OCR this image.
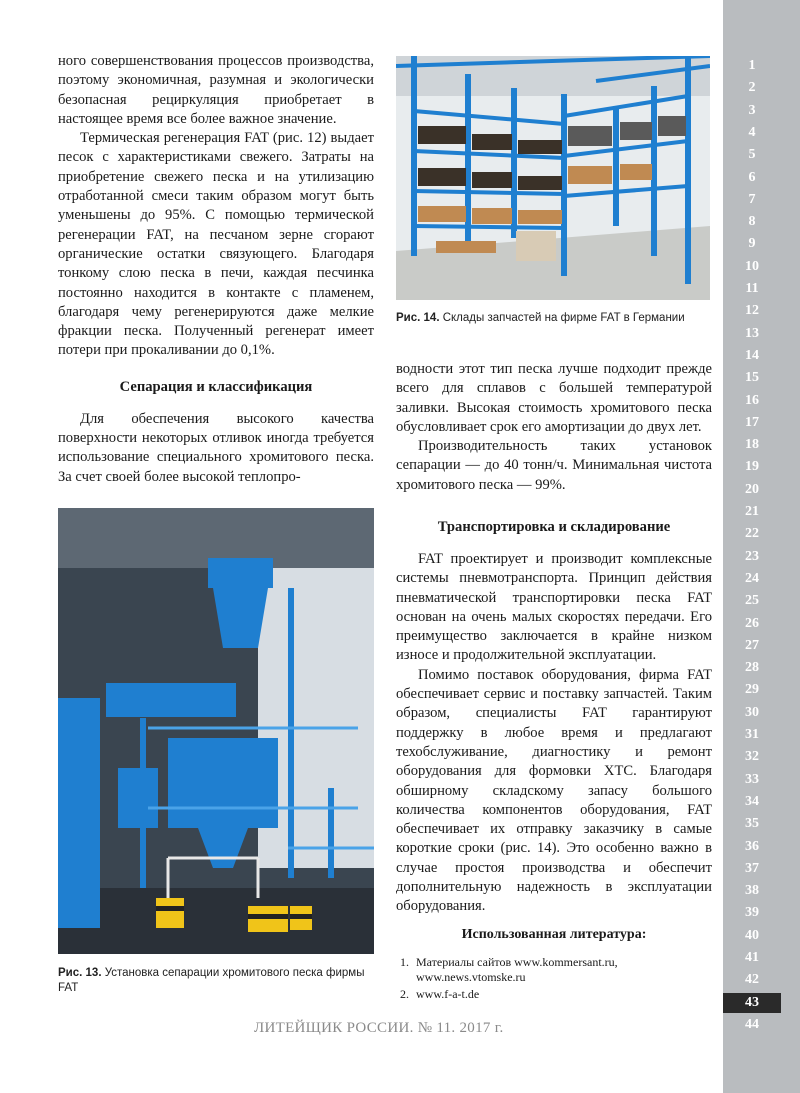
ного совершенствования процессов производства, поэтому экономичная, разумная и экологически безопасная рециркуляция приобретает в настоящее время все более важное значение.

Термическая регенерация FAT (рис. 12) выдает песок с характеристиками свежего. Затраты на приобретение свежего песка и на утилизацию отработанной смеси таким образом могут быть уменьшены до 95%. С помощью термической регенерации FAT, на песчаном зерне сгорают органические остатки связующего. Благодаря тонкому слою песка в печи, каждая песчинка постоянно находится в контакте с пламенем, благодаря чему регенерируются даже мелкие фракции песка. Полученный регенерат имеет потери при прокаливании до 0,1%.

Сепарация и классификация

Для обеспечения высокого качества поверхности некоторых отливок иногда требуется использование специального хромитового песка. За счет своей более высокой теплопро-

Рис. 14. Склады запчастей на фирме FAT в Германии

водности этот тип песка лучше подходит прежде всего для сплавов с большей температурой заливки. Высокая стоимость хромитового песка обусловливает срок его амортизации до двух лет.

Производительность таких установок сепарации — до 40 тонн/ч. Минимальная чистота хромитового песка — 99%.

Транспортировка и складирование

FAT проектирует и производит комплексные системы пневмотранспорта. Принцип действия пневматической транспортировки песка FAT основан на очень малых скоростях передачи. Его преимущество заключается в крайне низком износе и продолжительной эксплуатации.

Помимо поставок оборудования, фирма FAT обеспечивает сервис и поставку запчастей. Таким образом, специалисты FAT гарантируют поддержку в любое время и предлагают техобслуживание, диагностику и ремонт оборудования для формовки ХТС. Благодаря обширному складскому запасу большого количества компонентов оборудования, FAT обеспечивает их отправку заказчику в самые короткие сроки (рис. 14). Это особенно важно в случае простоя производства и обеспечит дополнительную надежность в эксплуатации оборудования.

Рис. 13. Установка сепарации хромитового песка фирмы FAT
Использованная литература:
1. Материалы сайтов www.kommersant.ru, www.news.vtomske.ru
2. www.f-a-t.de
ЛИТЕЙЩИК РОССИИ. № 11. 2017 г.
1
2
3
4
5
6
7
8
9
10
11
12
13
14
15
16
17
18
19
20
21
22
23
24
25
26
27
28
29
30
31
32
33
34
35
36
37
38
39
40
41
42
43
44
